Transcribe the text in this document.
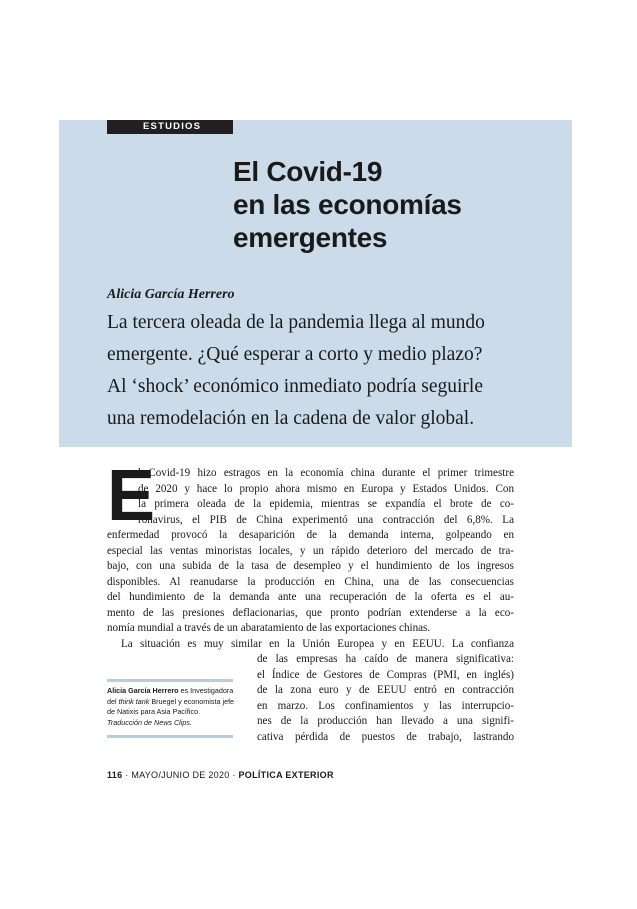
ESTUDIOS
El Covid-19
en las economías
emergentes
Alicia García Herrero
La tercera oleada de la pandemia llega al mundo
emergente. ¿Qué esperar a corto y medio plazo?
Al ‘shock’ económico inmediato podría seguirle
una remodelación en la cadena de valor global.
E
l Covid-19 hizo estragos en la economía china durante el primer trimestre
de 2020 y hace lo propio ahora mismo en Europa y Estados Unidos. Con
la primera oleada de la epidemia, mientras se expandía el brote de co-
ronavirus, el PIB de China experimentó una contracción del 6,8%. La
enfermedad provocó la desaparición de la demanda interna, golpeando en
especial las ventas minoristas locales, y un rápido deterioro del mercado de tra-
bajo, con una subida de la tasa de desempleo y el hundimiento de los ingresos
disponibles. Al reanudarse la producción en China, una de las consecuencias
del hundimiento de la demanda ante una recuperación de la oferta es el au-
mento de las presiones deflacionarias, que pronto podrían extenderse a la eco-
nomía mundial a través de un abaratamiento de las exportaciones chinas.
La situación es muy similar en la Unión Europea y en EEUU. La confianza
de las empresas ha caído de manera significativa:
el Índice de Gestores de Compras (PMI, en inglés)
de la zona euro y de EEUU entró en contracción
en marzo. Los confinamientos y las interrupcio-
nes de la producción han llevado a una signifi-
cativa pérdida de puestos de trabajo, lastrando
Alicia García Herrero es Investigadora del think tank Bruegel y economista jefe de Natixis para Asia Pacífico.
Traducción de News Clips.
116 · MAYO/JUNIO DE 2020 · POLÍTICA EXTERIOR
